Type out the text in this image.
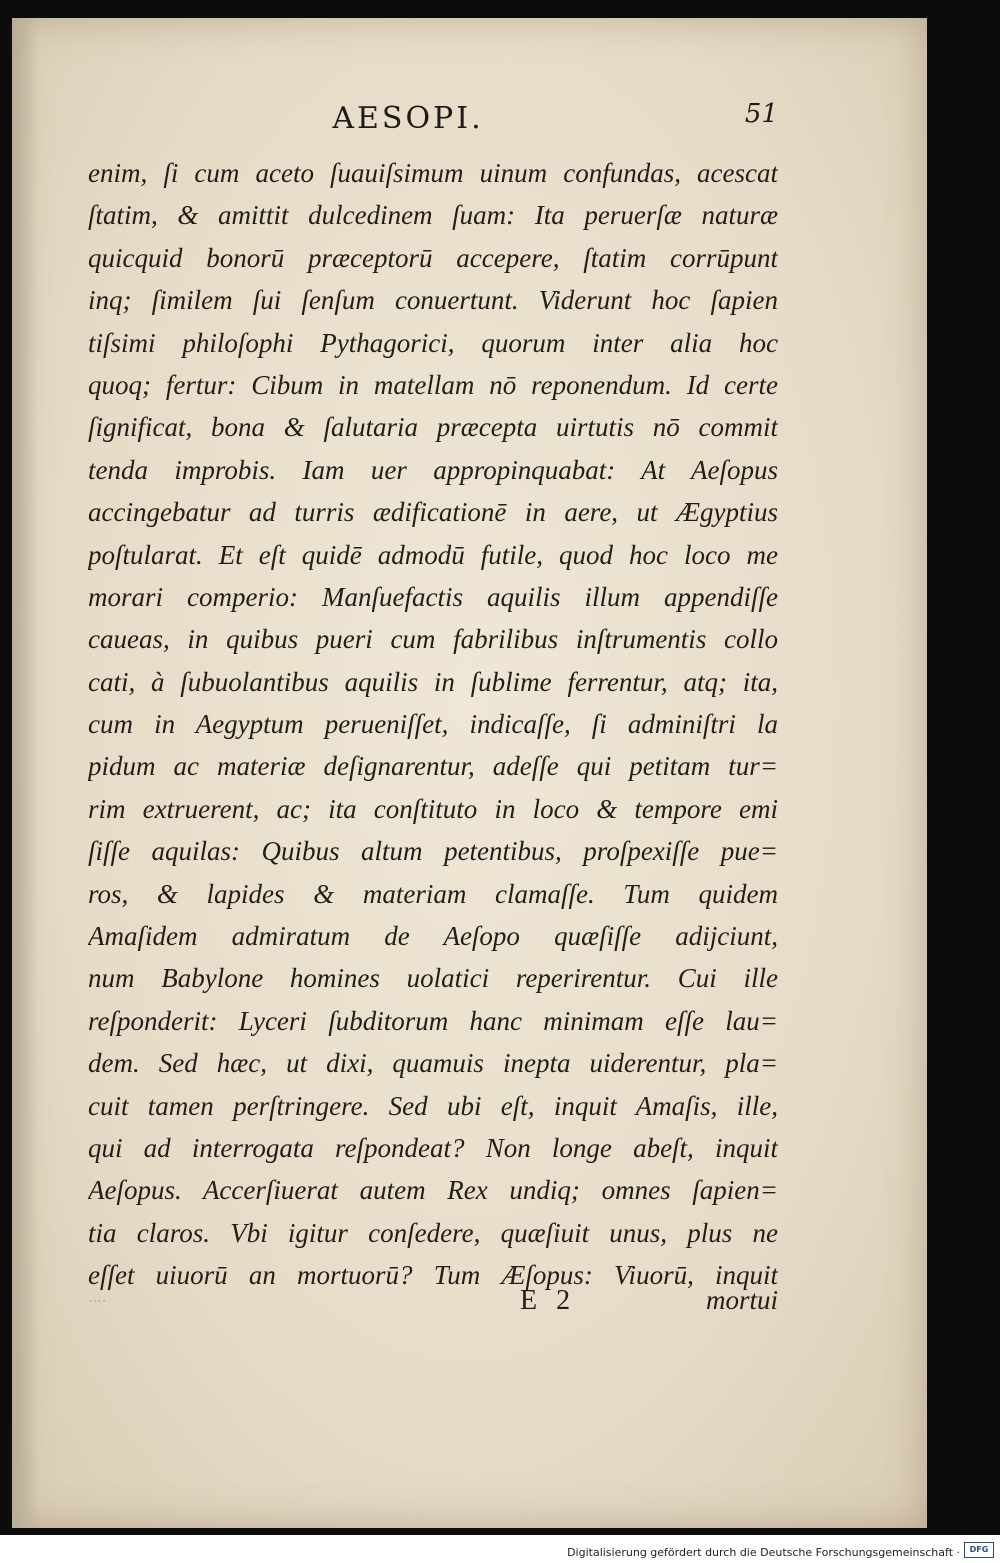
AESOPI.	51
enim, ſi cum aceto ſuauiſsimum uinum confundas, acescat
ſtatim, & amittit dulcedinem ſuam: Ita peruerſæ naturæ
quicquid bonorū præceptorū accepere, ſtatim corrūpunt
inq; ſimilem ſui ſenſum conuertunt. Viderunt hoc ſapien
tiſsimi philoſophi Pythagorici, quorum inter alia hoc
quoq; fertur: Cibum in matellam nō reponendum. Id certe
ſignificat, bona & ſalutaria præcepta uirtutis nō commit
tenda improbis. Iam uer appropinquabat: At Aeſopus
accingebatur ad turris ædificationē in aere, ut Ægyptius
poſtularat. Et eſt quidē admodū futile, quod hoc loco me
morari comperio: Manſuefactis aquilis illum appendiſſe
caueas, in quibus pueri cum fabrilibus inſtrumentis collo
cati, à ſubuolantibus aquilis in ſublime ferrentur, atq; ita,
cum in Aegyptum perueniſſet, indicaſſe, ſi adminiſtri la
pidum ac materiæ deſignarentur, adeſſe qui petitam tur=
rim extruerent, ac; ita conſtituto in loco & tempore emi
ſiſſe aquilas: Quibus altum petentibus, proſpexiſſe pue=
ros, & lapides & materiam clamaſſe. Tum quidem
Amaſidem admiratum de Aeſopo quæſiſſe adijciunt,
num Babylone homines uolatici reperirentur. Cui ille
reſponderit: Lyceri ſubditorum hanc minimam eſſe lau=
dem. Sed hæc, ut dixi, quamuis inepta uiderentur, pla=
cuit tamen perſtringere. Sed ubi eſt, inquit Amaſis, ille,
qui ad interrogata reſpondeat? Non longe abeſt, inquit
Aeſopus. Accerſiuerat autem Rex undiq; omnes ſapien=
tia claros. Vbi igitur conſedere, quæſiuit unus, plus ne
eſſet uiuorū an mortuorū? Tum Æſopus: Viuorū, inquit
····	E 2	mortui
Digitalisierung gefördert durch die Deutsche Forschungsgemeinschaft ·	DFG
